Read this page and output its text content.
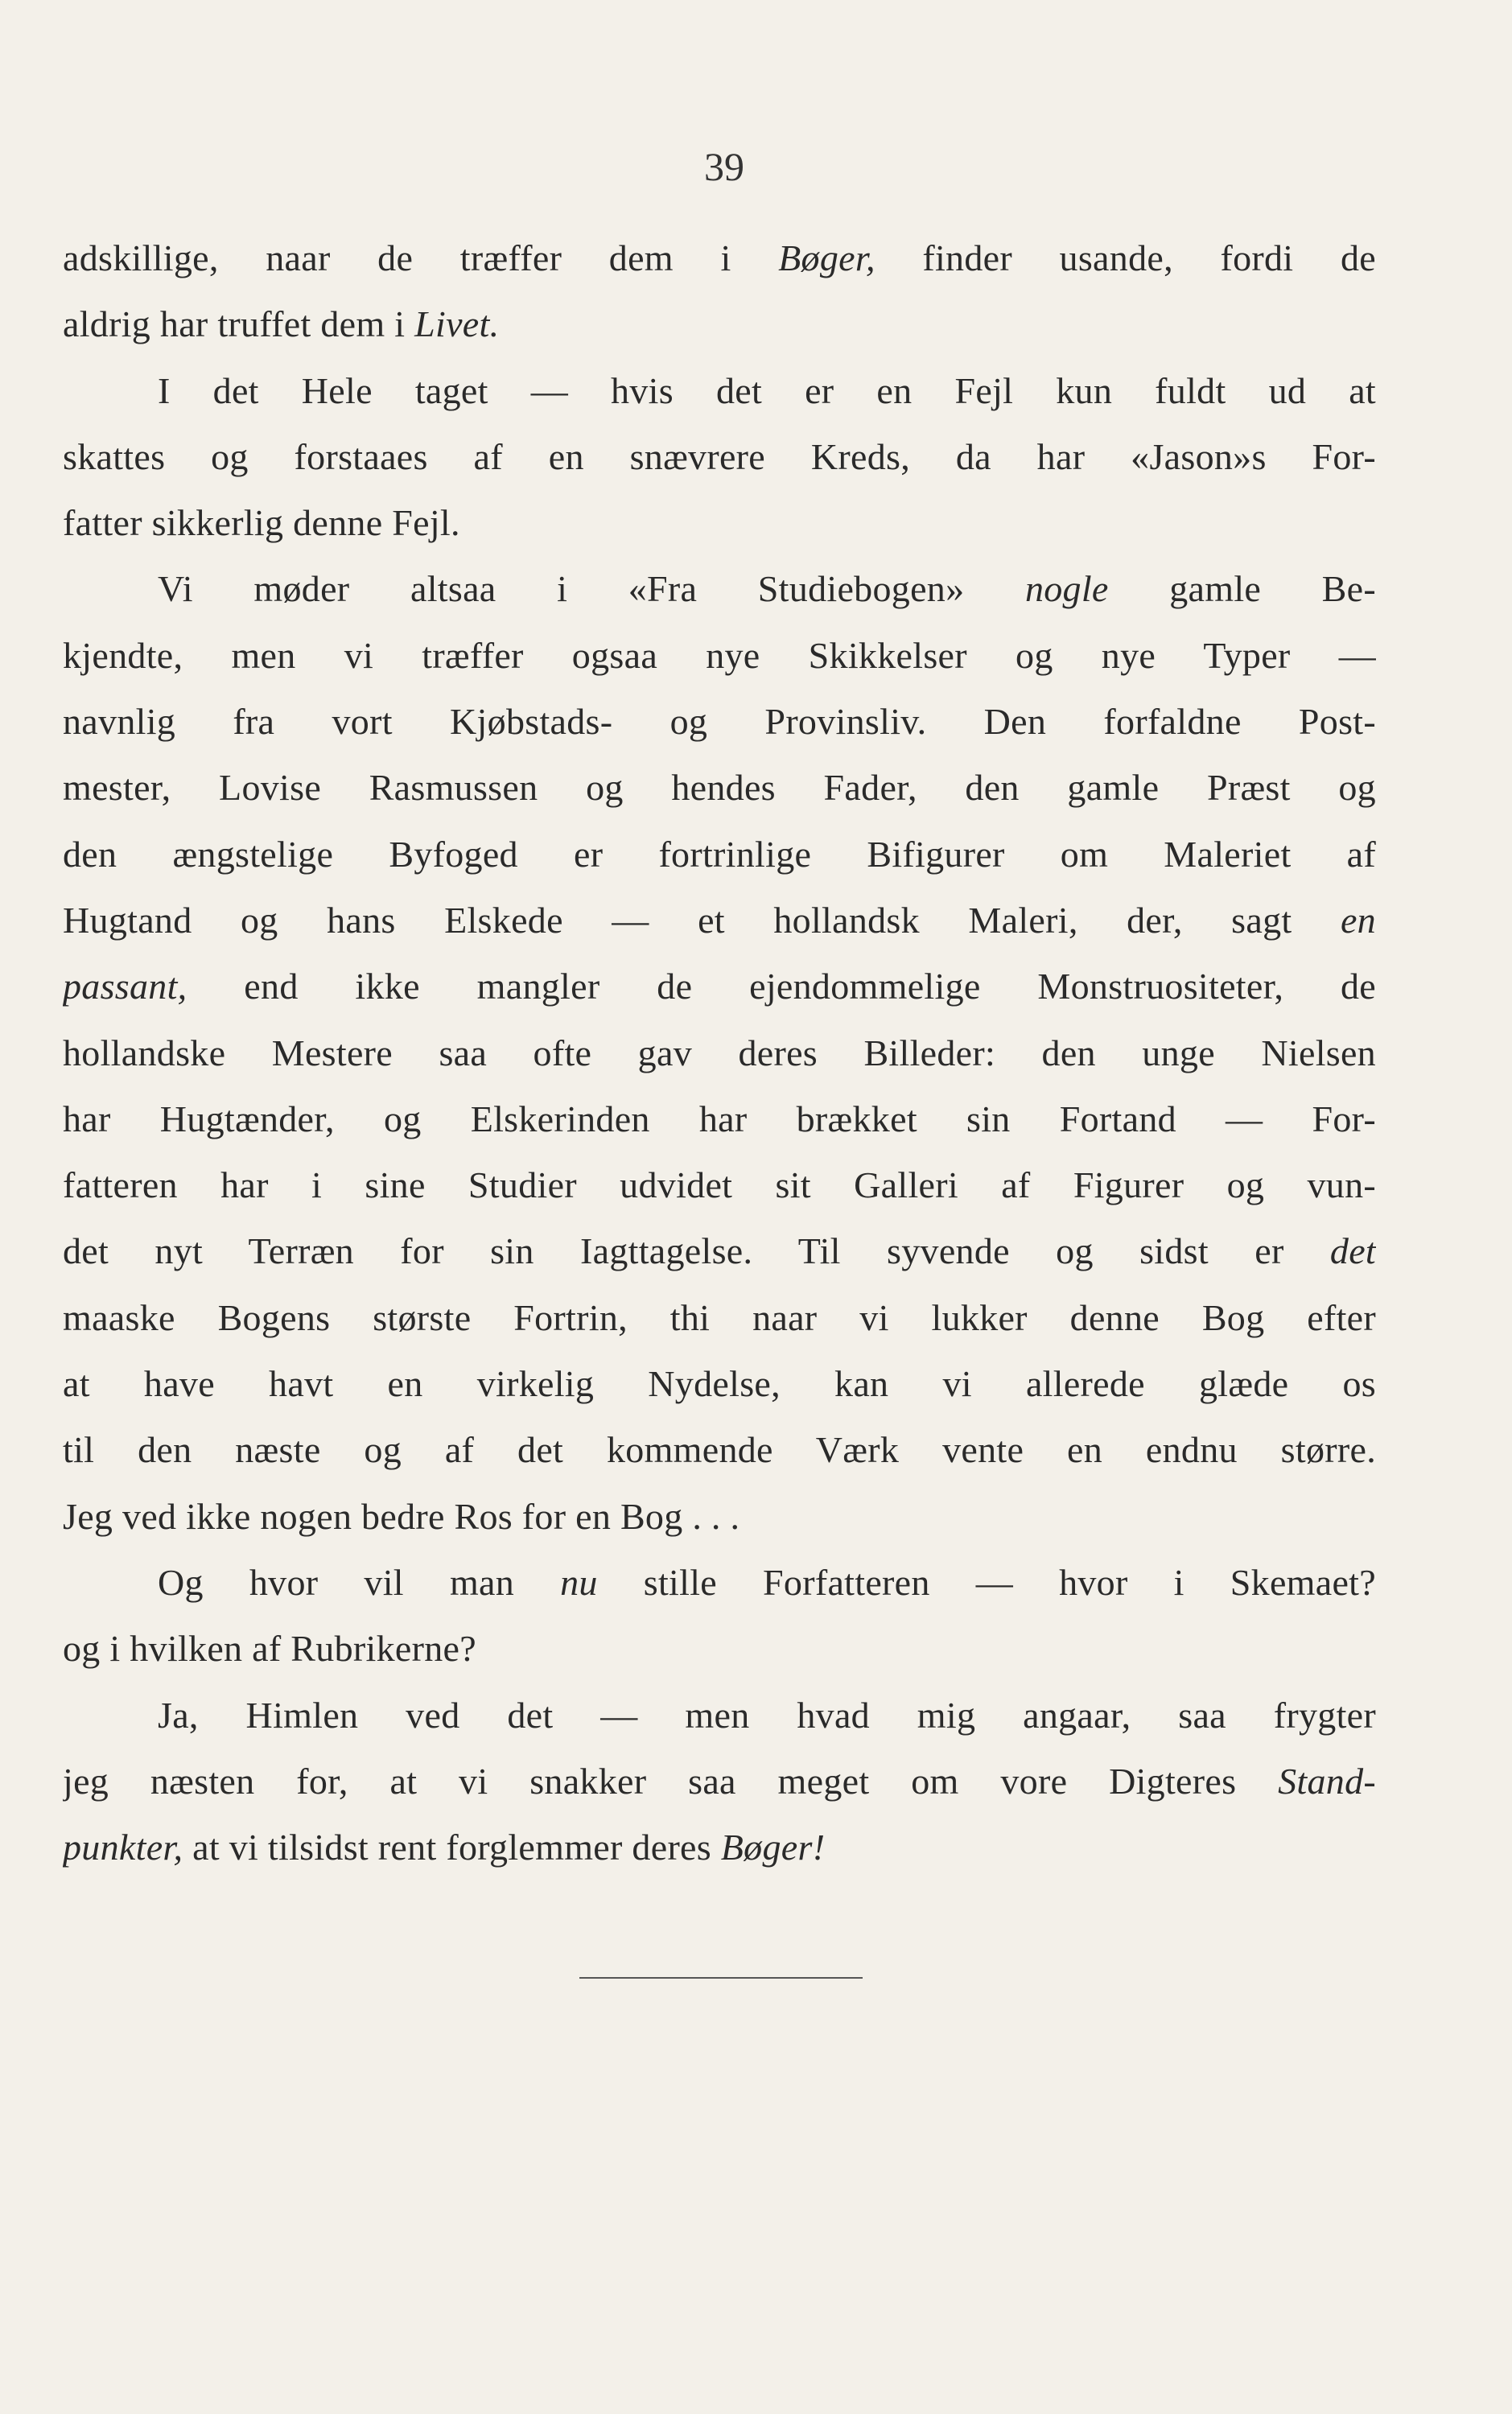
39
adskillige, naar de træffer dem i Bøger, finder usande, fordi de
aldrig har truffet dem i Livet.
I det Hele taget — hvis det er en Fejl kun fuldt ud at
skattes og forstaaes af en snævrere Kreds, da har «Jason»s For-
fatter sikkerlig denne Fejl.
Vi møder altsaa i «Fra Studiebogen» nogle gamle Be-
kjendte, men vi træffer ogsaa nye Skikkelser og nye Typer —
navnlig fra vort Kjøbstads- og Provinsliv. Den forfaldne Post-
mester, Lovise Rasmussen og hendes Fader, den gamle Præst og
den ængstelige Byfoged er fortrinlige Bifigurer om Maleriet af
Hugtand og hans Elskede — et hollandsk Maleri, der, sagt en
passant, end ikke mangler de ejendommelige Monstruositeter, de
hollandske Mestere saa ofte gav deres Billeder: den unge Nielsen
har Hugtænder, og Elskerinden har brækket sin Fortand — For-
fatteren har i sine Studier udvidet sit Galleri af Figurer og vun-
det nyt Terræn for sin Iagttagelse. Til syvende og sidst er det
maaske Bogens største Fortrin, thi naar vi lukker denne Bog efter
at have havt en virkelig Nydelse, kan vi allerede glæde os
til den næste og af det kommende Værk vente en endnu større.
Jeg ved ikke nogen bedre Ros for en Bog . . .
Og hvor vil man nu stille Forfatteren — hvor i Skemaet?
og i hvilken af Rubrikerne?
Ja, Himlen ved det — men hvad mig angaar, saa frygter
jeg næsten for, at vi snakker saa meget om vore Digteres Stand-
punkter, at vi tilsidst rent forglemmer deres Bøger!
